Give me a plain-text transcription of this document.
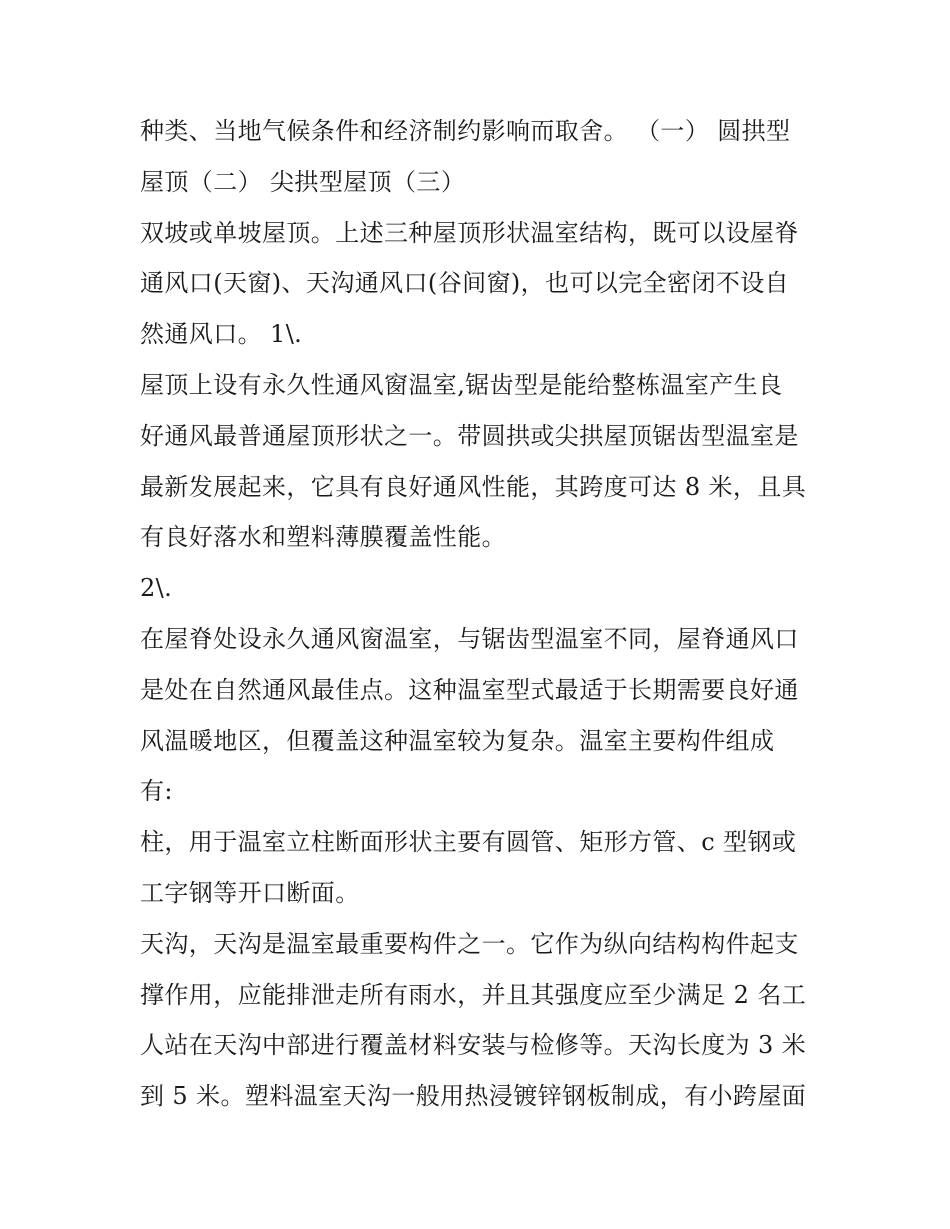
种类、当地气候条件和经济制约影响而取舍。 （一） 圆拱型
屋顶（二） 尖拱型屋顶（三）

双坡或单坡屋顶。上述三种屋顶形状温室结构，既可以设屋脊
通风口(天窗)、天沟通风口(谷间窗)，也可以完全密闭不设自
然通风口。 1\.

屋顶上设有永久性通风窗温室,锯齿型是能给整栋温室产生良
好通风最普通屋顶形状之一。带圆拱或尖拱屋顶锯齿型温室是
最新发展起来，它具有良好通风性能，其跨度可达 8 米，且具
有良好落水和塑料薄膜覆盖性能。

2\.

在屋脊处设永久通风窗温室，与锯齿型温室不同，屋脊通风口
是处在自然通风最佳点。这种温室型式最适于长期需要良好通
风温暖地区，但覆盖这种温室较为复杂。温室主要构件组成
有:

柱，用于温室立柱断面形状主要有圆管、矩形方管、c 型钢或
工字钢等开口断面。

天沟，天沟是温室最重要构件之一。它作为纵向结构构件起支
撑作用，应能排泄走所有雨水，并且其强度应至少满足 2 名工
人站在天沟中部进行覆盖材料安装与检修等。天沟长度为 3 米
到 5 米。塑料温室天沟一般用热浸镀锌钢板制成，有小跨屋面
